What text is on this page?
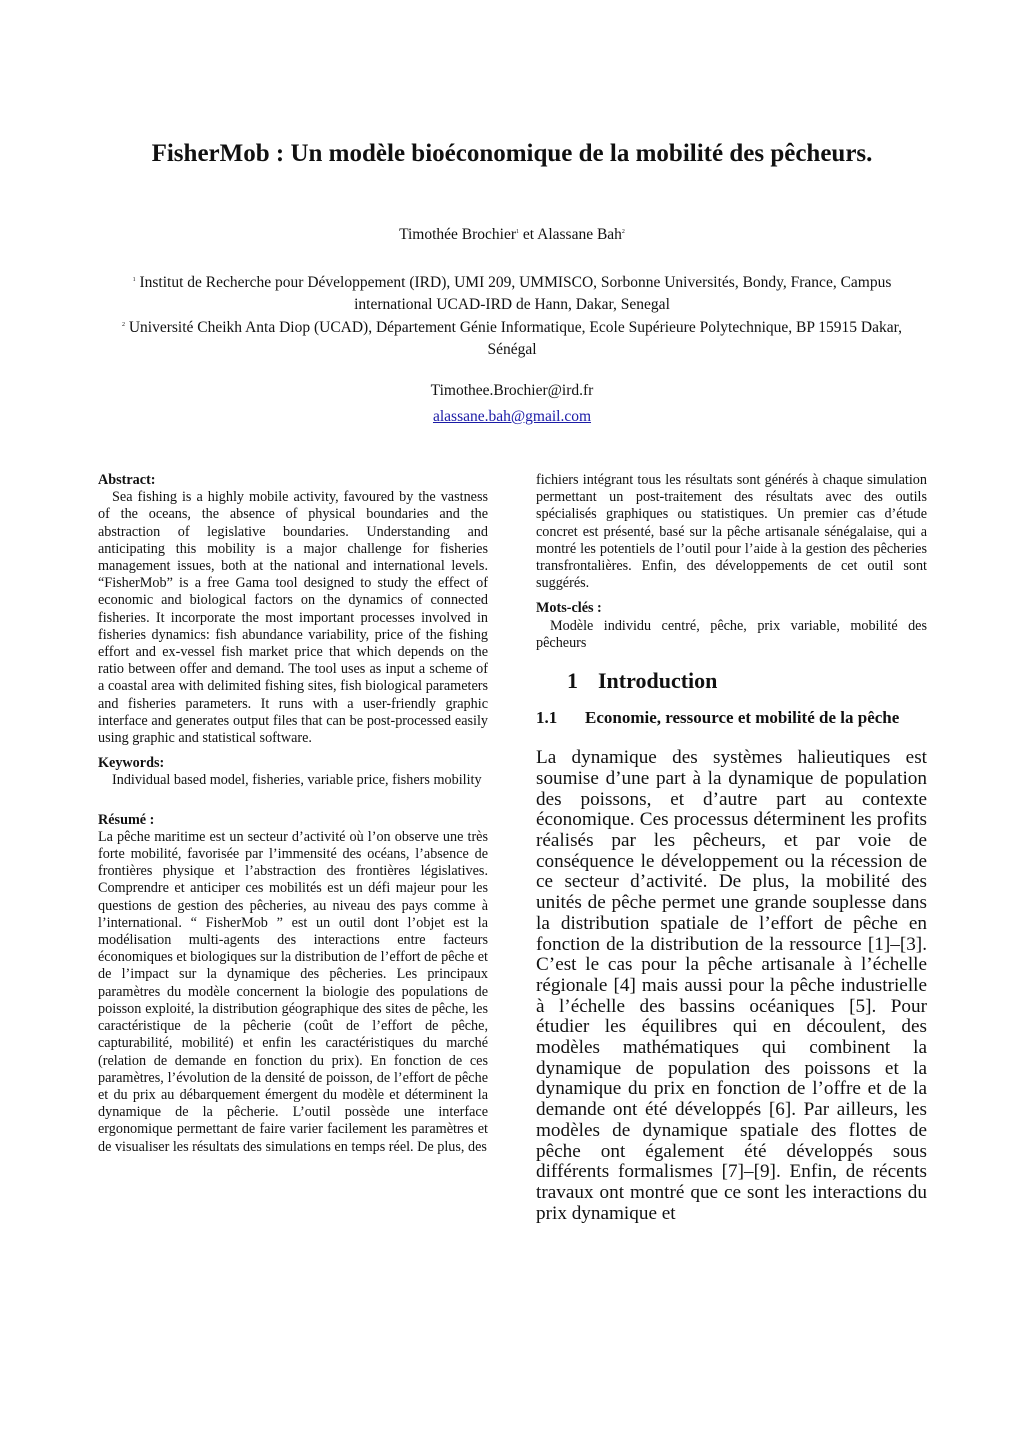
FisherMob : Un modèle bioéconomique de la mobilité des pêcheurs.
Timothée Brochier$^1$ et Alassane Bah$^2$
$^1$ Institut de Recherche pour Développement (IRD), UMI 209, UMMISCO, Sorbonne Universités, Bondy, France, Campus international UCAD-IRD de Hann, Dakar, Senegal
$^2$ Université Cheikh Anta Diop (UCAD), Département Génie Informatique, Ecole Supérieure Polytechnique, BP 15915 Dakar, Sénégal
Timothee.Brochier@ird.fr
alassane.bah@gmail.com
Abstract:

Sea fishing is a highly mobile activity, favoured by the vastness of the oceans, the absence of physical boundaries and the abstraction of legislative boundaries. Understanding and anticipating this mobility is a major challenge for fisheries management issues, both at the national and international levels. “FisherMob” is a free Gama tool designed to study the effect of economic and biological factors on the dynamics of connected fisheries. It incorporate the most important processes involved in fisheries dynamics: fish abundance variability, price of the fishing effort and ex-vessel fish market price that which depends on the ratio between offer and demand. The tool uses as input a scheme of a coastal area with delimited fishing sites, fish biological parameters and fisheries parameters. It runs with a user-friendly graphic interface and generates output files that can be post-processed easily using graphic and statistical software.

Keywords:

Individual based model, fisheries, variable price, fishers mobility

Résumé :

La pêche maritime est un secteur d’activité où l’on observe une très forte mobilité, favorisée par l’immensité des océans, l’absence de frontières physique et l’abstraction des frontières législatives. Comprendre et anticiper ces mobilités est un défi majeur pour les questions de gestion des pêcheries, au niveau des pays comme à l’international. “ FisherMob ” est un outil dont l’objet est la modélisation multi-agents des interactions entre facteurs économiques et biologiques sur la distribution de l’effort de pêche et de l’impact sur la dynamique des pêcheries. Les principaux paramètres du modèle concernent la biologie des populations de poisson exploité, la distribution géographique des sites de pêche, les caractéristique de la pêcherie (coût de l’effort de pêche, capturabilité, mobilité) et enfin les caractéristiques du marché (relation de demande en fonction du prix). En fonction de ces paramètres, l’évolution de la densité de poisson, de l’effort de pêche et du prix au débarquement émergent du modèle et déterminent la dynamique de la pêcherie. L’outil possède une interface ergonomique permettant de faire varier facilement les paramètres et de visualiser les résultats des simulations en temps réel. De plus, des

fichiers intégrant tous les résultats sont générés à chaque simulation permettant un post-traitement des résultats avec des outils spécialisés graphiques ou statistiques. Un premier cas d’étude concret est présenté, basé sur la pêche artisanale sénégalaise, qui a montré les potentiels de l’outil pour l’aide à la gestion des pêcheries transfrontalières. Enfin, des développements de cet outil sont suggérés.

Mots-clés :

Modèle individu centré, pêche, prix variable, mobilité des pêcheurs

1 Introduction
1.1	Economie, ressource et mobilité de la pêche

La dynamique des systèmes halieutiques est soumise d’une part à la dynamique de population des poissons, et d’autre part au contexte économique. Ces processus déterminent les profits réalisés par les pêcheurs, et par voie de conséquence le développement ou la récession de ce secteur d’activité. De plus, la mobilité des unités de pêche permet une grande souplesse dans la distribution spatiale de l’effort de pêche en fonction de la distribution de la ressource [1]–[3]. C’est le cas pour la pêche artisanale à l’échelle régionale [4] mais aussi pour la pêche industrielle à l’échelle des bassins océaniques [5]. Pour étudier les équilibres qui en découlent, des modèles mathématiques qui combinent la dynamique de population des poissons et la dynamique du prix en fonction de l’offre et de la demande ont été développés [6]. Par ailleurs, les modèles de dynamique spatiale des flottes de pêche ont également été développés sous différents formalismes [7]–[9]. Enfin, de récents travaux ont montré que ce sont les interactions du prix dynamique et
